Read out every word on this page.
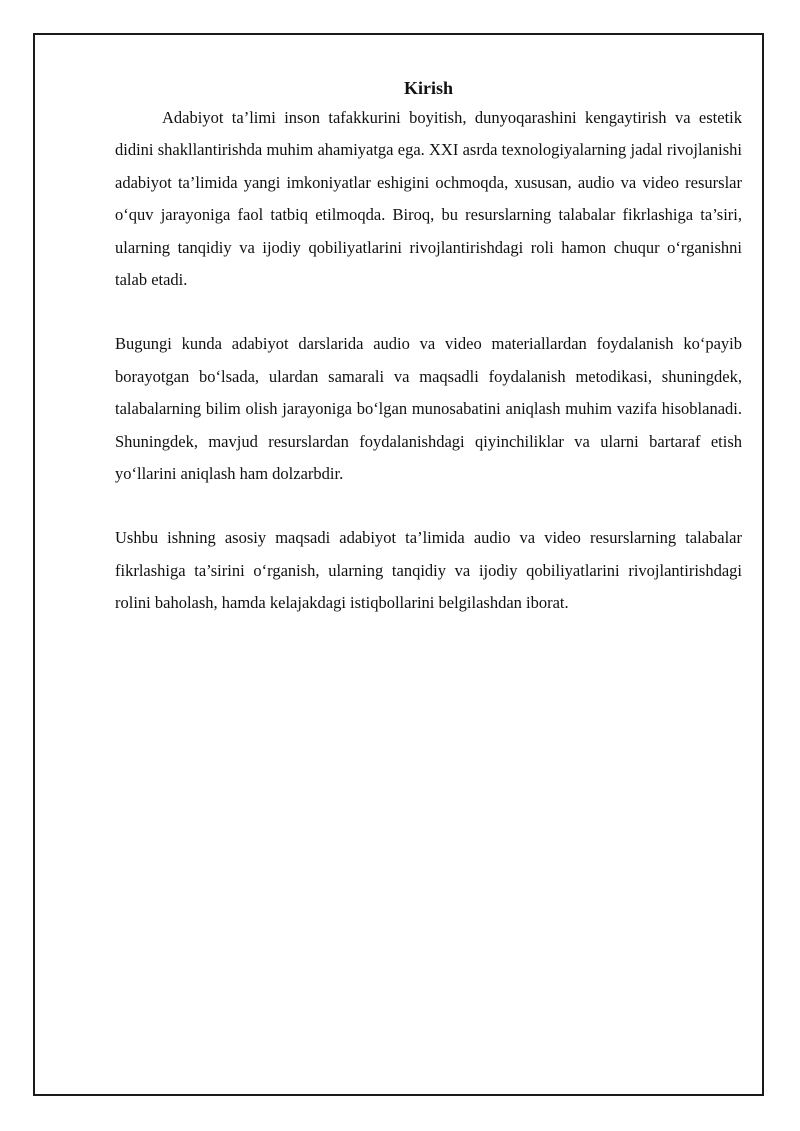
Kirish

Adabiyot ta’limi inson tafakkurini boyitish, dunyoqarashini kengaytirish va estetik didini shakllantirishda muhim ahamiyatga ega. XXI asrda texnologiyalarning jadal rivojlanishi adabiyot ta’limida yangi imkoniyatlar eshigini ochmoqda, xususan, audio va video resurslar o‘quv jarayoniga faol tatbiq etilmoqda. Biroq, bu resurslarning talabalar fikrlashiga ta’siri, ularning tanqidiy va ijodiy qobiliyatlarini rivojlantirishdagi roli hamon chuqur o‘rganishni talab etadi.

Bugungi kunda adabiyot darslarida audio va video materiallardan foydalanish ko‘payib borayotgan bo‘lsada, ulardan samarali va maqsadli foydalanish metodikasi, shuningdek, talabalarning bilim olish jarayoniga bo‘lgan munosabatini aniqlash muhim vazifa hisoblanadi. Shuningdek, mavjud resurslardan foydalanishdagi qiyinchiliklar va ularni bartaraf etish yo‘llarini aniqlash ham dolzarbdir.

Ushbu ishning asosiy maqsadi adabiyot ta’limida audio va video resurslarning talabalar fikrlashiga ta’sirini o‘rganish, ularning tanqidiy va ijodiy qobiliyatlarini rivojlantirishdagi rolini baholash, hamda kelajakdagi istiqbollarini belgilashdan iborat.
